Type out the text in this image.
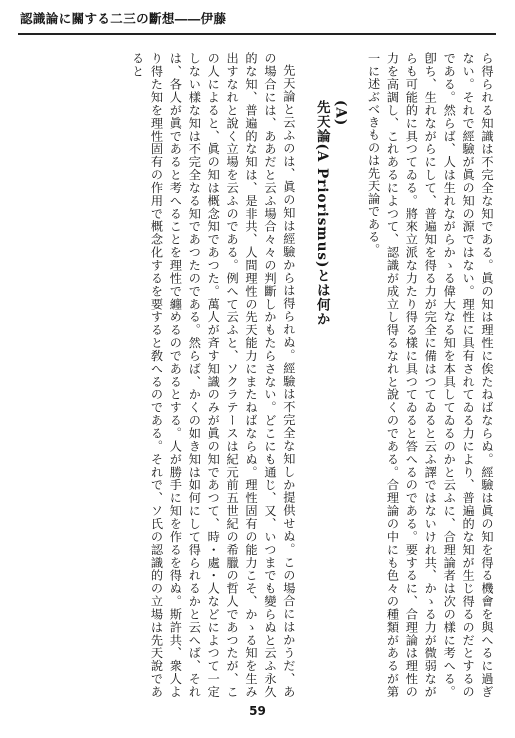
認識論に關する二三の斷想――伊藤

ら得られる知識は不完全な知である。眞の知は理性に俟たねばならぬ。經驗は眞の知を得る機會を與へるに過ぎない。それで經驗が眞の知の源ではない。理性に具有されてゐる力により、普遍的な知が生じ得るのだとするのである。然らば、人は生れながらかゝる偉大なる知を本具してゐるのかと云ふに、合理論者は次の樣に考へる。卽ち、生れながらにして、普遍知を得る力が完全に備はつてゐると云ふ譯ではないけれ共、かゝる力が微弱ながらも可能的に具つてゐる。將來立派な力たり得る樣に具つてゐると答へるのである。要するに、合理論は理性の力を高調し、これあるによつて、認識が成立し得るなれと說くのである。合理論の中にも色々の種類があるが第一に述ぶべきものは先天論である。

(A)
先天論(A Priorismus)とは何か

先天論と云ふのは、眞の知は經驗からは得られぬ。經驗は不完全な知しか提供せぬ。この場合にはかうだ、あの場合には、ああだと云ふ場合々々の判斷しかもたらさない。どこにも通じ、又、いつまでも變らぬと云ふ永久的な知、普遍的な知は、是非共、人間理性の先天能力にまたねばならぬ。理性固有の能力こそ、かゝる知を生み出すなれと說く立場を云ふのである。例へて云ふと、ソクラテースは紀元前五世紀の希臘の哲人であつたが、この人によると、眞の知は概念知であつた。萬人が斉す知識のみが眞の知であつて、時・處・人などによつて一定しない樣な知は不完全なる知であつたのである。然らば、かくの如き知は如何にして得られるかと云へば、それは、各人が眞であると考へることを理性で纏めるのであるとする。人が勝手に知を作るを得ぬ。斯許共、衆人より得た知を理性固有の作用で概念化するを要すると敎へるのである。それで、ソ氏の認識的の立場は先天說であると

59
